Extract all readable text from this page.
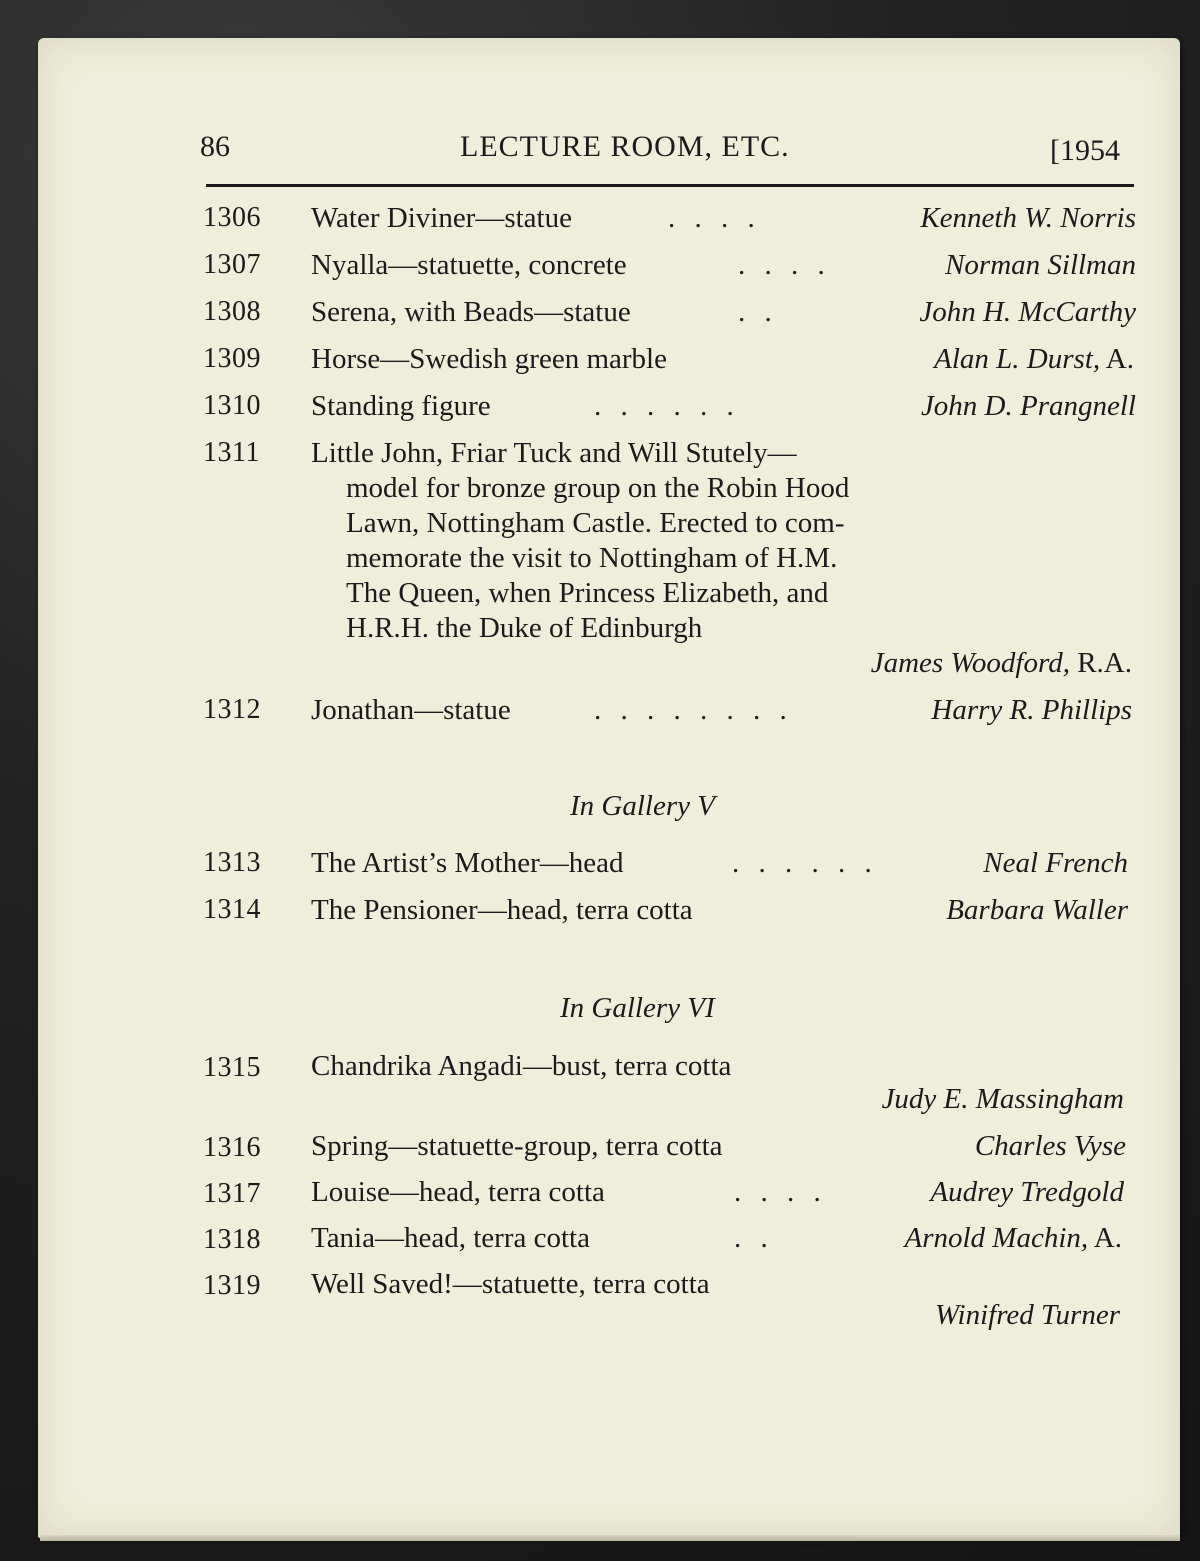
86	LECTURE ROOM, ETC.	[1954
1306 Water Diviner—statue	. . . .	Kenneth W. Norris
1307 Nyalla—statuette, concrete	. . . .	Norman Sillman
1308 Serena, with Beads—statue	. .	John H. McCarthy
1309 Horse—Swedish green marble	Alan L. Durst, A.
1310 Standing figure	. . . . . .	John D. Prangnell
1311 Little John, Friar Tuck and Will Stutely—
model for bronze group on the Robin Hood
Lawn, Nottingham Castle. Erected to com-
memorate the visit to Nottingham of H.M.
The Queen, when Princess Elizabeth, and
H.R.H. the Duke of Edinburgh
James Woodford, R.A.
1312 Jonathan—statue	. . . . . . . .	Harry R. Phillips
In Gallery V
1313 The Artist’s Mother—head	. . . . . .	Neal French
1314 The Pensioner—head, terra cotta	Barbara Waller
In Gallery VI
1315 Chandrika Angadi—bust, terra cotta
Judy E. Massingham
1316 Spring—statuette-group, terra cotta	Charles Vyse
1317 Louise—head, terra cotta	. . . .	Audrey Tredgold
1318 Tania—head, terra cotta	. .	Arnold Machin, A.
1319 Well Saved!—statuette, terra cotta
Winifred Turner
